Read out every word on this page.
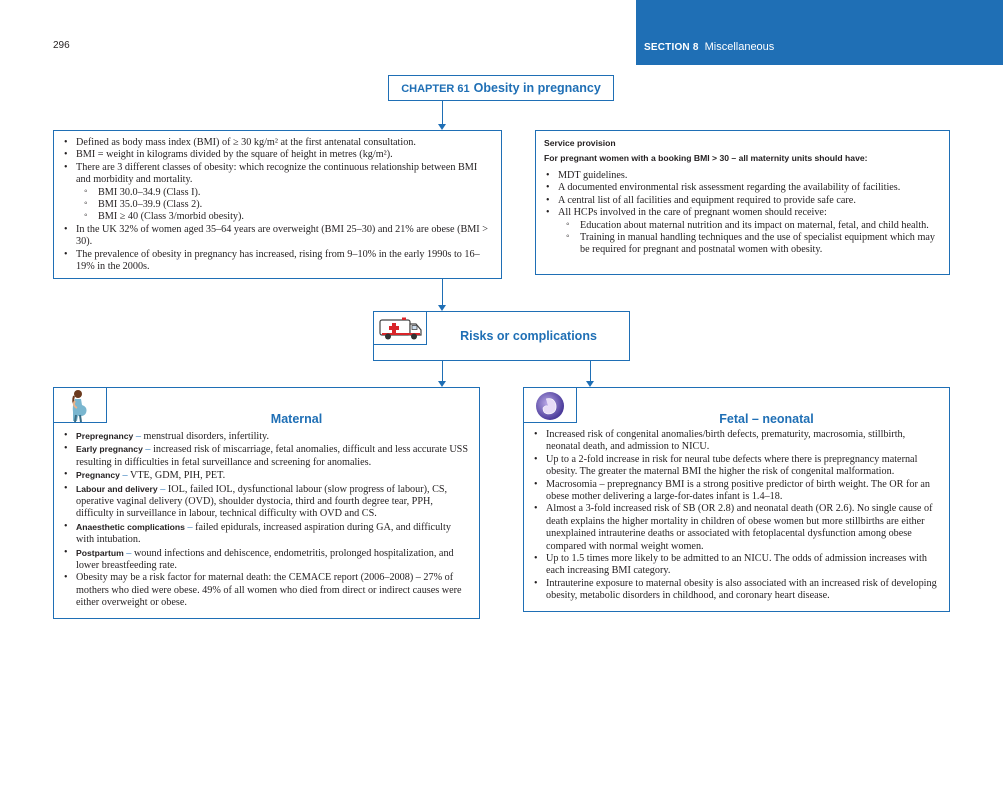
296	SECTION 8 Miscellaneous
CHAPTER 61 Obesity in pregnancy
• Defined as body mass index (BMI) of ≥ 30 kg/m² at the first antenatal consultation.
• BMI = weight in kilograms divided by the square of height in metres (kg/m²).
• There are 3 different classes of obesity: which recognize the continuous relationship between BMI and morbidity and mortality.
◦ BMI 30.0–34.9 (Class I).
◦ BMI 35.0–39.9 (Class 2).
◦ BMI ≥ 40 (Class 3/morbid obesity).
• In the UK 32% of women aged 35–64 years are overweight (BMI 25–30) and 21% are obese (BMI > 30).
• The prevalence of obesity in pregnancy has increased, rising from 9–10% in the early 1990s to 16–19% in the 2000s.
Service provision
For pregnant women with a booking BMI > 30 – all maternity units should have:
• MDT guidelines.
• A documented environmental risk assessment regarding the availability of facilities.
• A central list of all facilities and equipment required to provide safe care.
• All HCPs involved in the care of pregnant women should receive:
◦ Education about maternal nutrition and its impact on maternal, fetal, and child health.
◦ Training in manual handling techniques and the use of specialist equipment which may be required for pregnant and postnatal women with obesity.
Risks or complications
Maternal
• Prepregnancy – menstrual disorders, infertility.
• Early pregnancy – increased risk of miscarriage, fetal anomalies, difficult and less accurate USS resulting in difficulties in fetal surveillance and screening for anomalies.
• Pregnancy – VTE, GDM, PIH, PET.
• Labour and delivery – IOL, failed IOL, dysfunctional labour (slow progress of labour), CS, operative vaginal delivery (OVD), shoulder dystocia, third and fourth degree tear, PPH, difficulty in surveillance in labour, technical difficulty with OVD and CS.
• Anaesthetic complications – failed epidurals, increased aspiration during GA, and difficulty with intubation.
• Postpartum – wound infections and dehiscence, endometritis, prolonged hospitalization, and lower breastfeeding rate.
• Obesity may be a risk factor for maternal death: the CEMACE report (2006–2008) – 27% of mothers who died were obese. 49% of all women who died from direct or indirect causes were either overweight or obese.
Fetal – neonatal
• Increased risk of congenital anomalies/birth defects, prematurity, macrosomia, stillbirth, neonatal death, and admission to NICU.
• Up to a 2-fold increase in risk for neural tube defects where there is prepregnancy maternal obesity. The greater the maternal BMI the higher the risk of congenital malformation.
• Macrosomia – prepregnancy BMI is a strong positive predictor of birth weight. The OR for an obese mother delivering a large-for-dates infant is 1.4–18.
• Almost a 3-fold increased risk of SB (OR 2.8) and neonatal death (OR 2.6). No single cause of death explains the higher mortality in children of obese women but more stillbirths are either unexplained intrauterine deaths or associated with fetoplacental dysfunction among obese compared with normal weight women.
• Up to 1.5 times more likely to be admitted to an NICU. The odds of admission increases with each increasing BMI category.
• Intrauterine exposure to maternal obesity is also associated with an increased risk of developing obesity, metabolic disorders in childhood, and coronary heart disease.
